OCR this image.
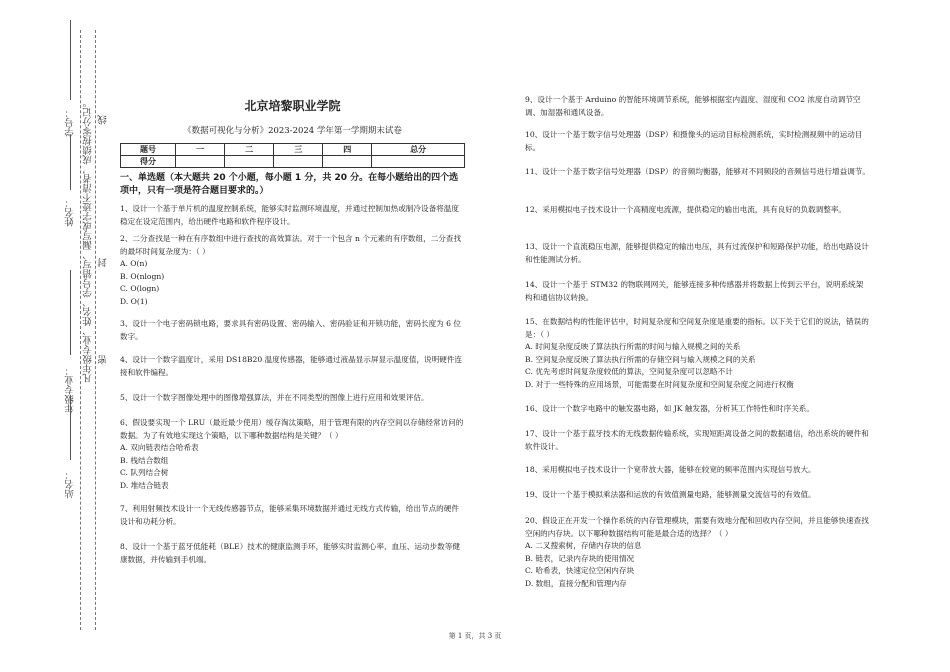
学号：
姓名： 凡年级专业、姓名、学号错写、漏写或字迹不清者，成绩按零分记。 线
封
密
年级专业：
站名：
北京培黎职业学院
《数据可视化与分析》2023-2024 学年第一学期期末试卷
题号	一	二	三	四	总分
得分					
一、单选题（本大题共 20 个小题，每小题 1 分，共 20 分。在每小题给出的四个选项中，只有一项是符合题目要求的。）
1、设计一个基于单片机的温度控制系统，能够实时监测环境温度，并通过控制加热或制冷设备将温度稳定在设定范围内，给出硬件电路和软件程序设计。
2、二分查找是一种在有序数组中进行查找的高效算法。对于一个包含 n 个元素的有序数组，二分查找的最坏时间复杂度为：（ ）
A. O(n)
B. O(nlogn)
C. O(logn)
D. O(1)
3、设计一个电子密码锁电路，要求具有密码设置、密码输入、密码验证和开锁功能，密码长度为 6 位数字。
4、设计一个数字温度计，采用 DS18B20 温度传感器，能够通过液晶显示屏显示温度值，说明硬件连接和软件编程。
5、设计一个数字图像处理中的图像增强算法，并在不同类型的图像上进行应用和效果评估。
6、假设要实现一个 LRU（最近最少使用）缓存淘汰策略，用于管理有限的内存空间以存储经常访问的数据。为了有效地实现这个策略，以下哪种数据结构是关键？（ ）
A. 双向链表结合哈希表
B. 栈结合数组
C. 队列结合树
D. 堆结合链表
7、利用射频技术设计一个无线传感器节点，能够采集环境数据并通过无线方式传输，给出节点的硬件设计和功耗分析。
8、设计一个基于蓝牙低能耗（BLE）技术的健康监测手环，能够实时监测心率、血压、运动步数等健康数据，并传输到手机端。
9、设计一个基于 Arduino 的智能环境调节系统，能够根据室内温度、湿度和 CO2 浓度自动调节空调、加湿器和通风设备。
10、设计一个基于数字信号处理器（DSP）和摄像头的运动目标检测系统，实时检测视频中的运动目标。
11、设计一个基于数字信号处理器（DSP）的音频均衡器，能够对不同频段的音频信号进行增益调节。
12、采用模拟电子技术设计一个高精度电流源，提供稳定的输出电流，具有良好的负载调整率。
13、设计一个直流稳压电源，能够提供稳定的输出电压，具有过流保护和短路保护功能，给出电路设计和性能测试分析。
14、设计一个基于 STM32 的物联网网关，能够连接多种传感器并将数据上传到云平台，说明系统架构和通信协议转换。
15、在数据结构的性能评估中，时间复杂度和空间复杂度是重要的指标。以下关于它们的说法，错误的是：（ ）
A. 时间复杂度反映了算法执行所需的时间与输入规模之间的关系
B. 空间复杂度反映了算法执行所需的存储空间与输入规模之间的关系
C. 优先考虑时间复杂度较低的算法，空间复杂度可以忽略不计
D. 对于一些特殊的应用场景，可能需要在时间复杂度和空间复杂度之间进行权衡
16、设计一个数字电路中的触发器电路，如 JK 触发器，分析其工作特性和时序关系。
17、设计一个基于蓝牙技术的无线数据传输系统，实现短距离设备之间的数据通信，给出系统的硬件和软件设计。
18、采用模拟电子技术设计一个宽带放大器，能够在较宽的频率范围内实现信号放大。
19、设计一个基于模拟乘法器和运放的有效值测量电路，能够测量交流信号的有效值。
20、假设正在开发一个操作系统的内存管理模块，需要有效地分配和回收内存空间，并且能够快速查找空闲的内存块。以下哪种数据结构可能是最合适的选择？（ ）
A. 二叉搜索树，存储内存块的信息
B. 链表，记录内存块的使用情况
C. 哈希表，快速定位空闲内存块
D. 数组，直接分配和管理内存
第 1 页，共 3 页
